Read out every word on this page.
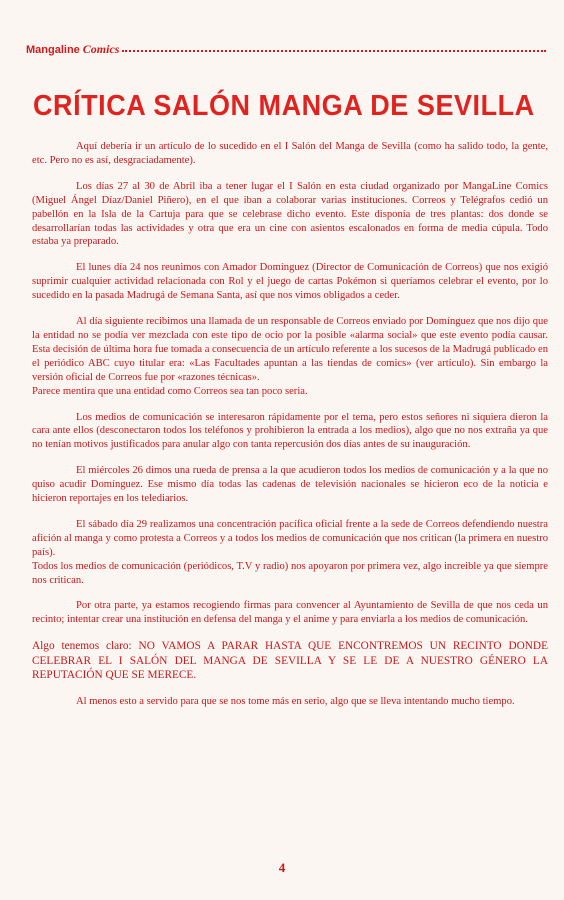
Mangaline Comics
CRÍTICA SALÓN MANGA DE SEVILLA

Aquí debería ir un artículo de lo sucedido en el I Salón del Manga de Sevilla (como ha salido todo, la gente, etc. Pero no es así, desgraciadamente).

Los días 27 al 30 de Abril iba a tener lugar el I Salón en esta ciudad organizado por MangaLine Comics (Miguel Ángel Díaz/Daniel Piñero), en el que iban a colaborar varias instituciones. Correos y Telégrafos cedió un pabellón en la Isla de la Cartuja para que se celebrase dicho evento. Este disponía de tres plantas: dos donde se desarrollarían todas las actividades y otra que era un cine con asientos escalonados en forma de media cúpula. Todo estaba ya preparado.

El lunes día 24 nos reunimos con Amador Domínguez (Director de Comunicación de Correos) que nos exigió suprimir cualquier actividad relacionada con Rol y el juego de cartas Pokémon si queríamos celebrar el evento, por lo sucedido en la pasada Madrugá de Semana Santa, así que nos vimos obligados a ceder.

Al día siguiente recibimos una llamada de un responsable de Correos enviado por Domínguez que nos dijo que la entidad no se podía ver mezclada con este tipo de ocio por la posible «alarma social» que este evento podía causar. Esta decisión de última hora fue tomada a consecuencia de un artículo referente a los sucesos de la Madrugá publicado en el periódico ABC cuyo titular era: «Las Facultades apuntan a las tiendas de comics» (ver artículo). Sin embargo la versión oficial de Correos fue por «razones técnicas».

Parece mentira que una entidad como Correos sea tan poco seria.

Los medios de comunicación se interesaron rápidamente por el tema, pero estos señores ni siquiera dieron la cara ante ellos (desconectaron todos los teléfonos y prohibieron la entrada a los medios), algo que no nos extraña ya que no tenían motivos justificados para anular algo con tanta repercusión dos días antes de su inauguración.

El miércoles 26 dimos una rueda de prensa a la que acudieron todos los medios de comunicación y a la que no quiso acudir Domínguez. Ese mismo día todas las cadenas de televisión nacionales se hicieron eco de la noticia e hicieron reportajes en los telediarios.

El sábado día 29 realizamos una concentración pacífica oficial frente a la sede de Correos defendiendo nuestra afición al manga y como protesta a Correos y a todos los medios de comunicación que nos critican (la primera en nuestro país).

Todos los medios de comunicación (periódicos, T.V y radio) nos apoyaron por primera vez, algo increible ya que siempre nos critican.

Por otra parte, ya estamos recogiendo firmas para convencer al Ayuntamiento de Sevilla de que nos ceda un recinto; intentar crear una institución en defensa del manga y el anime y para enviarla a los medios de comunicación.

Algo tenemos claro: NO VAMOS A PARAR HASTA QUE ENCONTREMOS UN RECINTO DONDE CELEBRAR EL I SALÓN DEL MANGA DE SEVILLA Y SE LE DE A NUESTRO GÉNERO LA REPUTACIÓN QUE SE MERECE.

Al menos esto a servido para que se nos tome más en serio, algo que se lleva intentando mucho tiempo.

4
